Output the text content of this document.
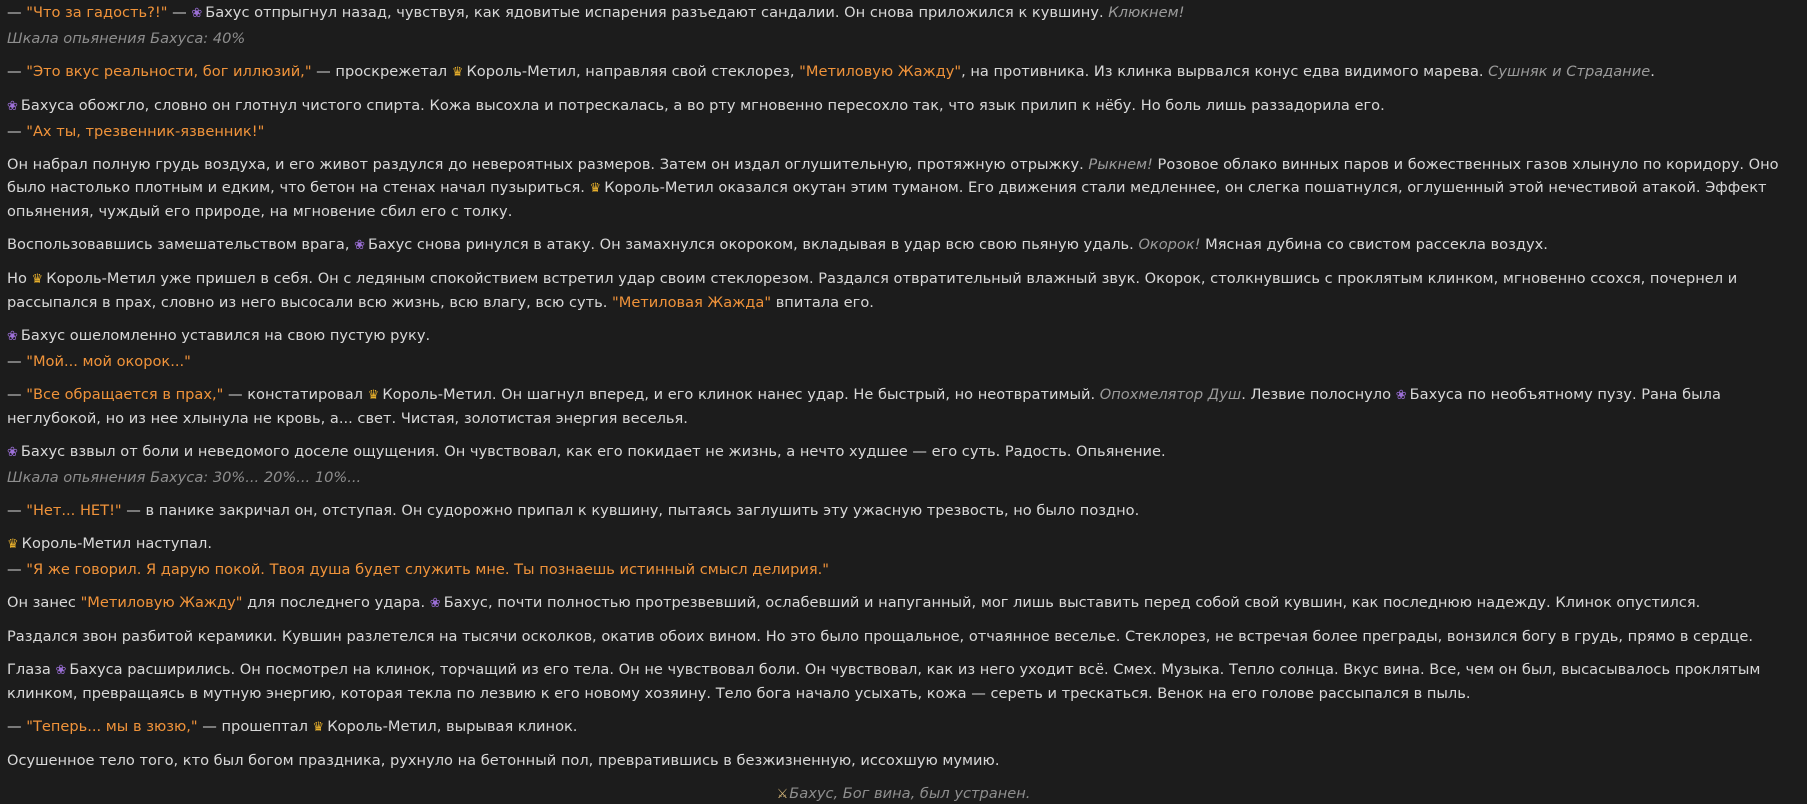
— "Что за гадость?!" — ❀ Бахус отпрыгнул назад, чувствуя, как ядовитые испарения разъедают сандалии. Он снова приложился к кувшину. Клюкнем!

Шкала опьянения Бахуса: 40%

— "Это вкус реальности, бог иллюзий," — проскрежетал ♛ Король-Метил, направляя свой стеклорез, "Метиловую Жажду", на противника. Из клинка вырвался конус едва видимого марева. Сушняк и Страдание.

❀ Бахуса обожгло, словно он глотнул чистого спирта. Кожа высохла и потрескалась, а во рту мгновенно пересохло так, что язык прилип к нёбу. Но боль лишь раззадорила его.

— "Ах ты, трезвенник-язвенник!"

Он набрал полную грудь воздуха, и его живот раздулся до невероятных размеров. Затем он издал оглушительную, протяжную отрыжку. Рыкнем! Розовое облако винных паров и божественных газов хлынуло по коридору. Оно было настолько плотным и едким, что бетон на стенах начал пузыриться. ♛ Король-Метил оказался окутан этим туманом. Его движения стали медленнее, он слегка пошатнулся, оглушенный этой нечестивой атакой. Эффект опьянения, чуждый его природе, на мгновение сбил его с толку.

Воспользовавшись замешательством врага, ❀ Бахус снова ринулся в атаку. Он замахнулся окороком, вкладывая в удар всю свою пьяную удаль. Окорок! Мясная дубина со свистом рассекла воздух.

Но ♛ Король-Метил уже пришел в себя. Он с ледяным спокойствием встретил удар своим стеклорезом. Раздался отвратительный влажный звук. Окорок, столкнувшись с проклятым клинком, мгновенно ссохся, почернел и рассыпался в прах, словно из него высосали всю жизнь, всю влагу, всю суть. "Метиловая Жажда" впитала его.

❀ Бахус ошеломленно уставился на свою пустую руку.

— "Мой... мой окорок..."

— "Все обращается в прах," — констатировал ♛ Король-Метил. Он шагнул вперед, и его клинок нанес удар. Не быстрый, но неотвратимый. Опохмелятор Душ. Лезвие полоснуло ❀ Бахуса по необъятному пузу. Рана была неглубокой, но из нее хлынула не кровь, а... свет. Чистая, золотистая энергия веселья.

❀ Бахус взвыл от боли и неведомого доселе ощущения. Он чувствовал, как его покидает не жизнь, а нечто худшее — его суть. Радость. Опьянение.

Шкала опьянения Бахуса: 30%... 20%... 10%...

— "Нет... НЕТ!" — в панике закричал он, отступая. Он судорожно припал к кувшину, пытаясь заглушить эту ужасную трезвость, но было поздно.

♛ Король-Метил наступал.

— "Я же говорил. Я дарую покой. Твоя душа будет служить мне. Ты познаешь истинный смысл делирия."

Он занес "Метиловую Жажду" для последнего удара. ❀ Бахус, почти полностью протрезвевший, ослабевший и напуганный, мог лишь выставить перед собой свой кувшин, как последнюю надежду. Клинок опустился.

Раздался звон разбитой керамики. Кувшин разлетелся на тысячи осколков, окатив обоих вином. Но это было прощальное, отчаянное веселье. Стеклорез, не встречая более преграды, вонзился богу в грудь, прямо в сердце.

Глаза ❀ Бахуса расширились. Он посмотрел на клинок, торчащий из его тела. Он не чувствовал боли. Он чувствовал, как из него уходит всё. Смех. Музыка. Тепло солнца. Вкус вина. Все, чем он был, высасывалось проклятым клинком, превращаясь в мутную энергию, которая текла по лезвию к его новому хозяину. Тело бога начало усыхать, кожа — сереть и трескаться. Венок на его голове рассыпался в пыль.

— "Теперь... мы в зюзю," — прошептал ♛ Король-Метил, вырывая клинок.

Осушенное тело того, кто был богом праздника, рухнуло на бетонный пол, превратившись в безжизненную, иссохшую мумию.

⚔Бахус, Бог вина, был устранен.
